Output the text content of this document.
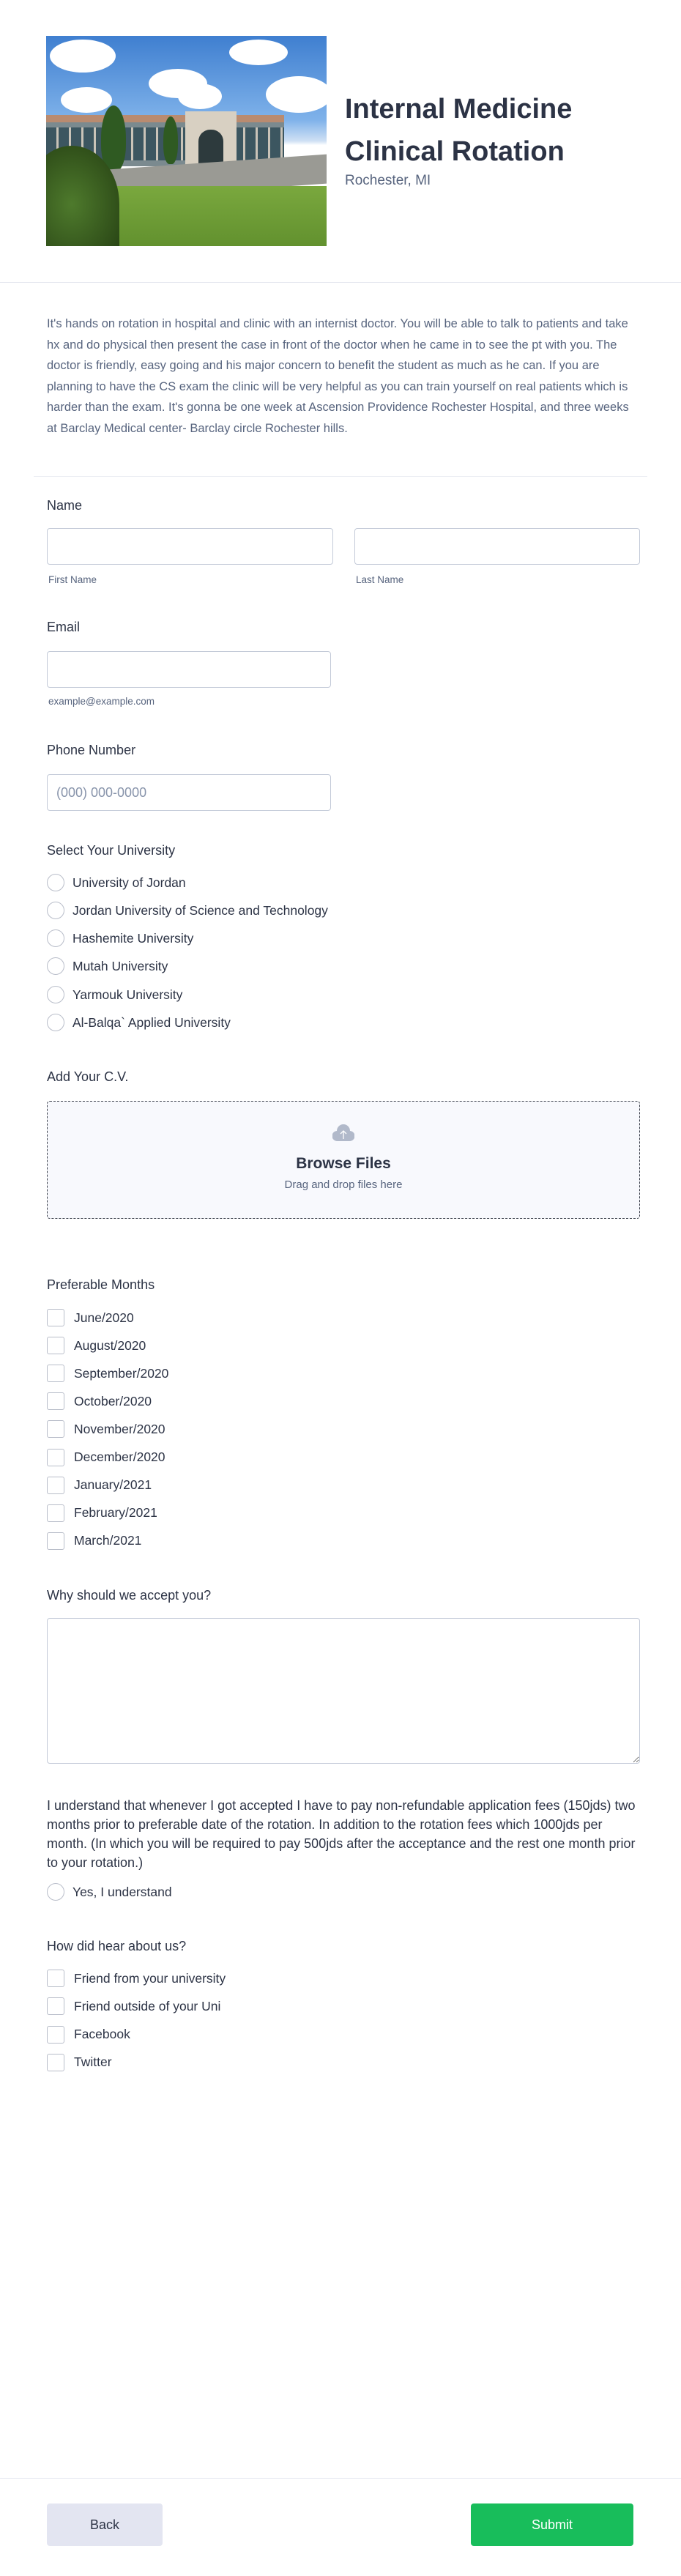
Internal Medicine Clinical Rotation
Rochester, MI

It's hands on rotation in hospital and clinic with an internist doctor. You will be able to talk to patients and take hx and do physical then present the case in front of the doctor when he came in to see the pt with you. The doctor is friendly, easy going and his major concern to benefit the student as much as he can. If you are planning to have the CS exam the clinic will be very helpful as you can train yourself on real patients which is harder than the exam. It's gonna be one week at Ascension Providence Rochester Hospital, and three weeks at Barclay Medical center- Barclay circle Rochester hills.

Name
First Name	Last Name
Email
example@example.com
Phone Number
(000) 000-0000
Select Your University
University of Jordan
Jordan University of Science and Technology
Hashemite University
Mutah University
Yarmouk University
Al-Balqa` Applied University
Add Your C.V.
Browse Files
Drag and drop files here
Preferable Months
June/2020
August/2020
September/2020
October/2020
November/2020
December/2020
January/2021
February/2021
March/2021
Why should we accept you?
I understand that whenever I got accepted I have to pay non-refundable application fees (150jds) two months prior to preferable date of the rotation. In addition to the rotation fees which 1000jds per month. (In which you will be required to pay 500jds after the acceptance and the rest one month prior to your rotation.)
Yes, I understand
How did hear about us?
Friend from your university
Friend outside of your Uni
Facebook
Twitter
Back	Submit
